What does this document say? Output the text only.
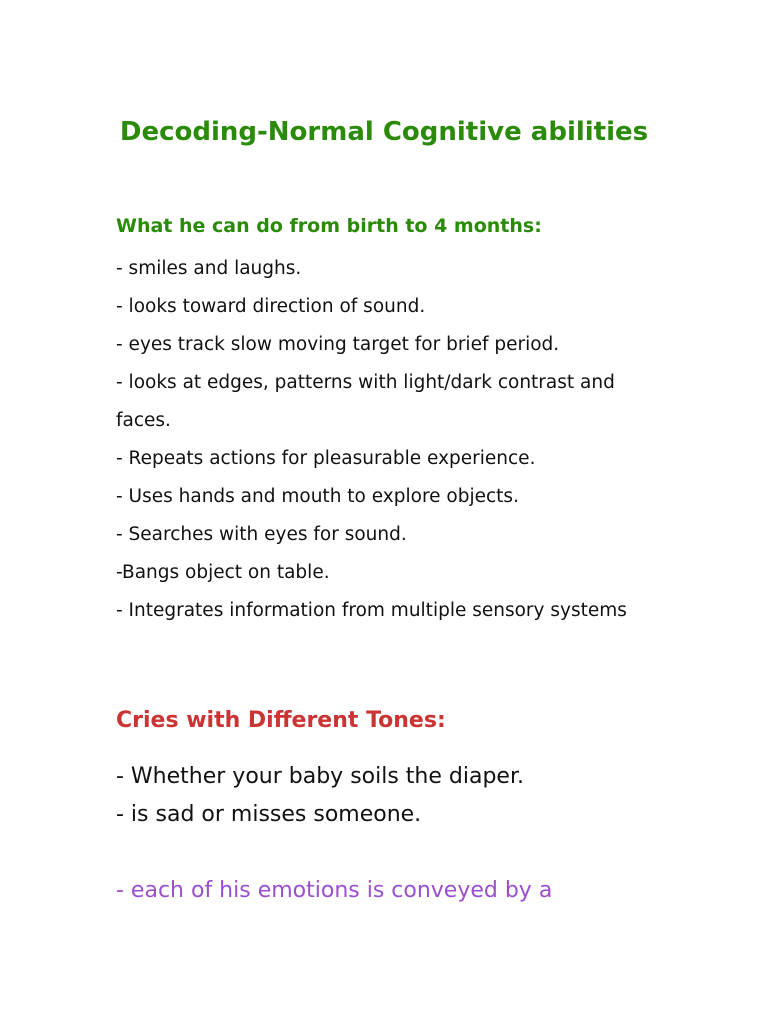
Decoding-Normal Cognitive abilities

What he can do from birth to 4 months:

- smiles and laughs.
- looks toward direction of sound.
- eyes track slow moving target for brief period.
- looks at edges, patterns with light/dark contrast and faces.
- Repeats actions for pleasurable experience.
- Uses hands and mouth to explore objects.
- Searches with eyes for sound.
-Bangs object on table.
- Integrates information from multiple sensory systems
Cries with Different Tones:
- Whether your baby soils the diaper.
- is sad or misses someone.

- each of his emotions is conveyed by a
